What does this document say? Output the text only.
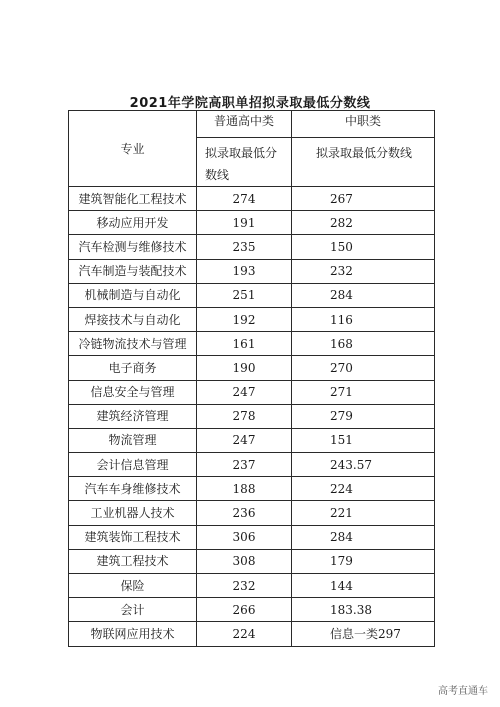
2021年学院高职单招拟录取最低分数线
专业	普通高中类	中职类
	拟录取最低分数线	拟录取最低分数线
建筑智能化工程技术	274	267
移动应用开发	191	282
汽车检测与维修技术	235	150
汽车制造与装配技术	193	232
机械制造与自动化	251	284
焊接技术与自动化	192	116
冷链物流技术与管理	161	168
电子商务	190	270
信息安全与管理	247	271
建筑经济管理	278	279
物流管理	247	151
会计信息管理	237	243.57
汽车车身维修技术	188	224
工业机器人技术	236	221
建筑装饰工程技术	306	284
建筑工程技术	308	179
保险	232	144
会计	266	183.38
物联网应用技术	224	信息一类297
高考直通车
